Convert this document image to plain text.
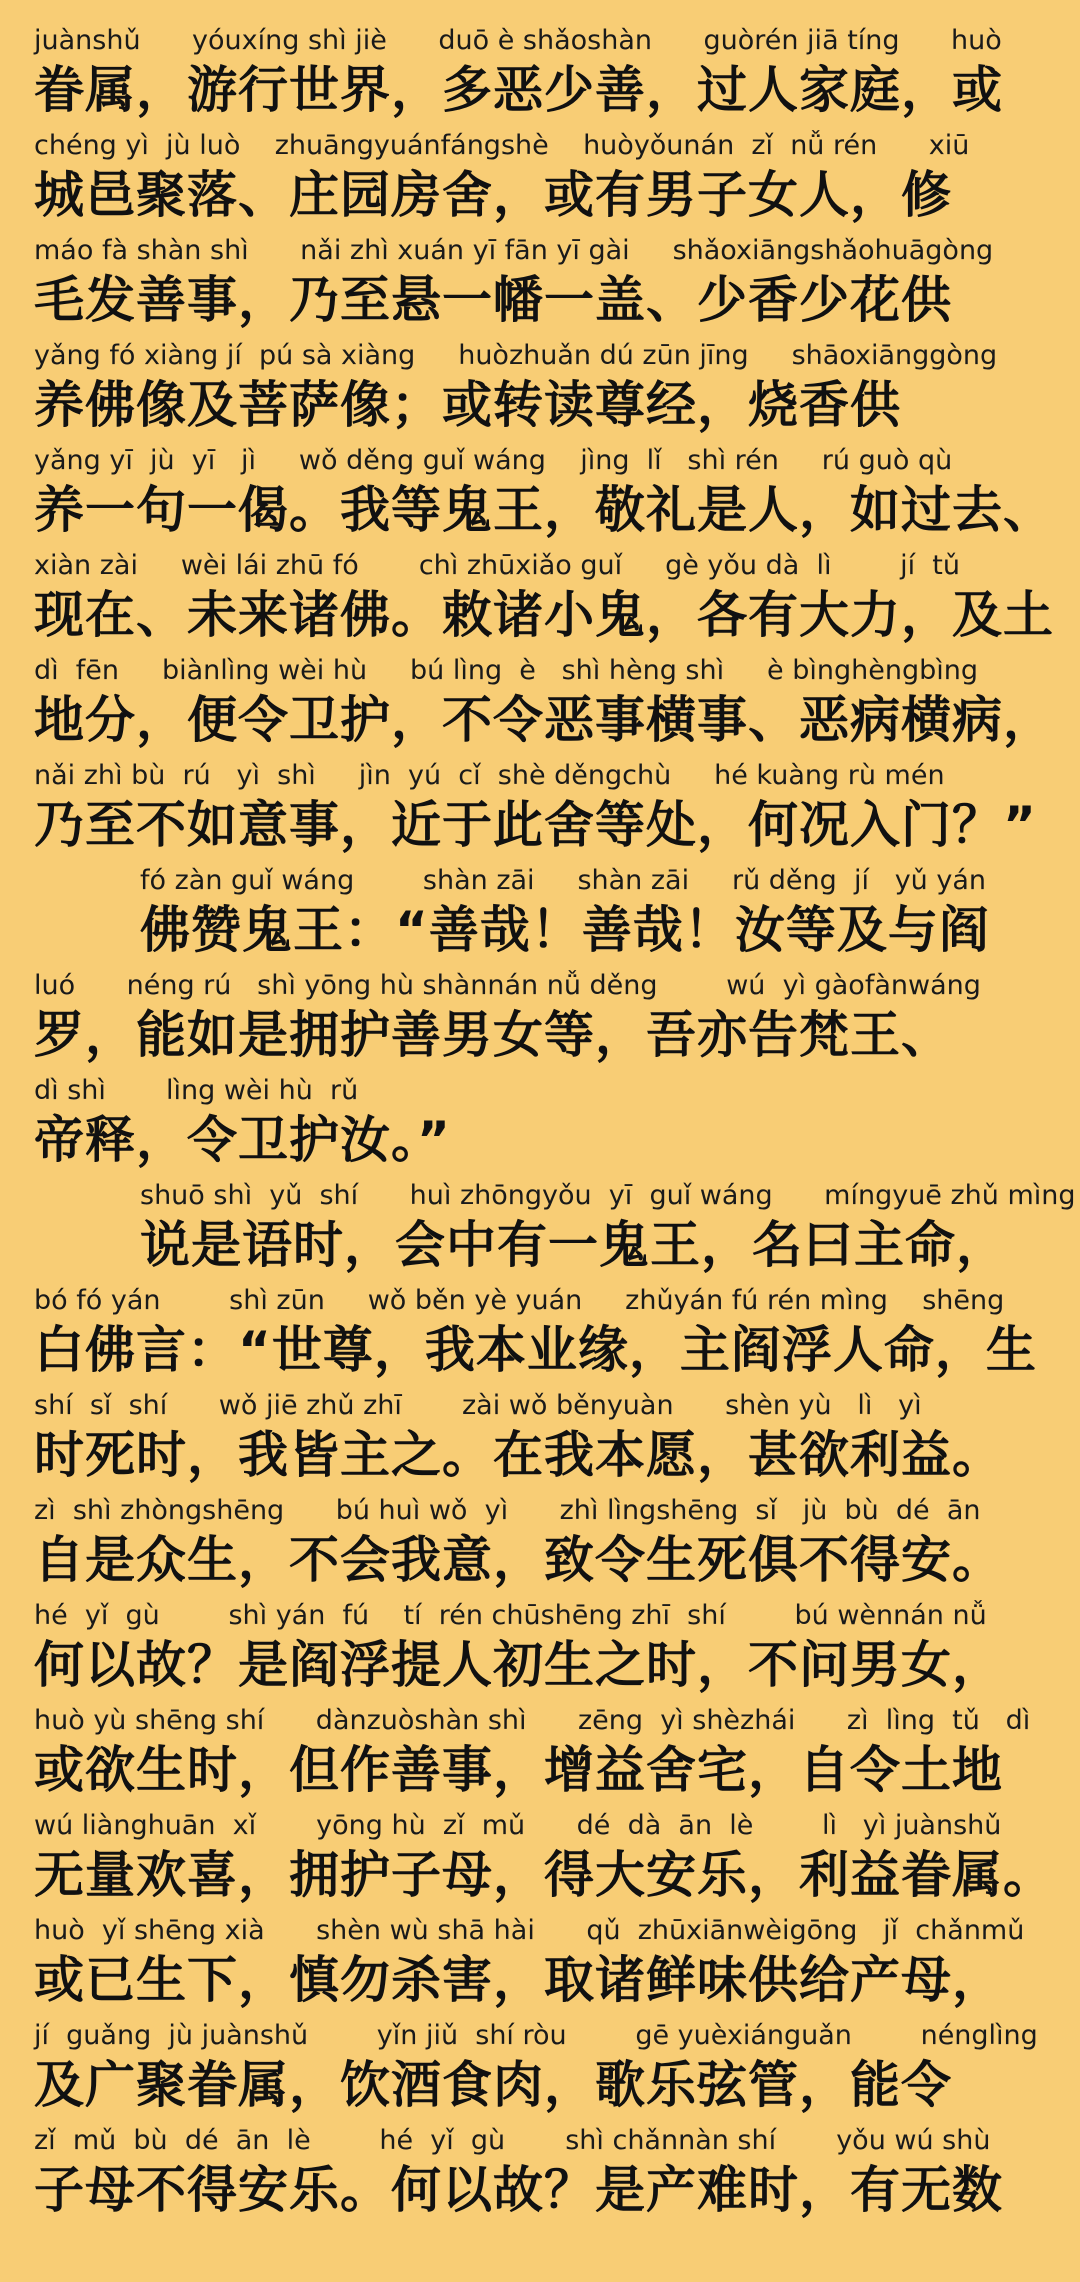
juànshǔ      yóuxíng shì jiè      duō è shǎoshàn      guòrén jiā tíng      huò
眷属，游行世界，多恶少善，过人家庭，或
chéng yì  jù luò    zhuāngyuánfángshè    huòyǒunán  zǐ  nǚ rén      xiū
城邑聚落、庄园房舍，或有男子女人，修
máo fà shàn shì      nǎi zhì xuán yī fān yī gài     shǎoxiāngshǎohuāgòng
毛发善事，乃至悬一幡一盖、少香少花供
yǎng fó xiàng jí  pú sà xiàng     huòzhuǎn dú zūn jīng     shāoxiānggòng
养佛像及菩萨像；或转读尊经，烧香供
yǎng yī  jù  yī   jì     wǒ děng guǐ wáng    jìng  lǐ   shì rén     rú guò qù
养一句一偈。我等鬼王，敬礼是人，如过去、
xiàn zài     wèi lái zhū fó       chì zhūxiǎo guǐ     gè yǒu dà  lì        jí  tǔ
现在、未来诸佛。敕诸小鬼，各有大力，及土
dì  fēn     biànlìng wèi hù     bú lìng  è   shì hèng shì     è bìnghèngbìng
地分，便令卫护，不令恶事横事、恶病横病，
nǎi zhì bù  rú   yì  shì     jìn  yú  cǐ  shè děngchù     hé kuàng rù mén
乃至不如意事，近于此舍等处，何况入门？”
fó zàn guǐ wáng        shàn zāi     shàn zāi     rǔ děng  jí   yǔ yán
佛赞鬼王：“善哉！善哉！汝等及与阎
luó      néng rú   shì yōng hù shànnán nǚ děng        wú  yì gàofànwáng
罗，能如是拥护善男女等，吾亦告梵王、
dì shì       lìng wèi hù  rǔ
帝释，令卫护汝。”
shuō shì  yǔ  shí      huì zhōngyǒu  yī  guǐ wáng      míngyuē zhǔ mìng
说是语时，会中有一鬼王，名曰主命，
bó fó yán        shì zūn     wǒ běn yè yuán     zhǔyán fú rén mìng    shēng
白佛言：“世尊，我本业缘，主阎浮人命，生
shí  sǐ  shí      wǒ jiē zhǔ zhī       zài wǒ běnyuàn      shèn yù   lì   yì
时死时，我皆主之。在我本愿，甚欲利益。
zì  shì zhòngshēng      bú huì wǒ  yì      zhì lìngshēng  sǐ   jù  bù  dé  ān
自是众生，不会我意，致令生死俱不得安。
hé  yǐ  gù        shì yán  fú    tí  rén chūshēng zhī  shí        bú wènnán nǚ
何以故？是阎浮提人初生之时，不问男女，
huò yù shēng shí      dànzuòshàn shì      zēng  yì shèzhái      zì  lìng  tǔ   dì
或欲生时，但作善事，增益舍宅，自令土地
wú liànghuān  xǐ       yōng hù  zǐ  mǔ      dé  dà  ān  lè        lì   yì juànshǔ
无量欢喜，拥护子母，得大安乐，利益眷属。
huò  yǐ shēng xià      shèn wù shā hài      qǔ  zhūxiānwèigōng   jǐ  chǎnmǔ
或已生下，慎勿杀害，取诸鲜味供给产母，
jí  guǎng  jù juànshǔ        yǐn jiǔ  shí ròu        gē yuèxiánguǎn        nénglìng
及广聚眷属，饮酒食肉，歌乐弦管，能令
zǐ  mǔ  bù  dé  ān  lè        hé  yǐ  gù       shì chǎnnàn shí       yǒu wú shù
子母不得安乐。何以故？是产难时，有无数
